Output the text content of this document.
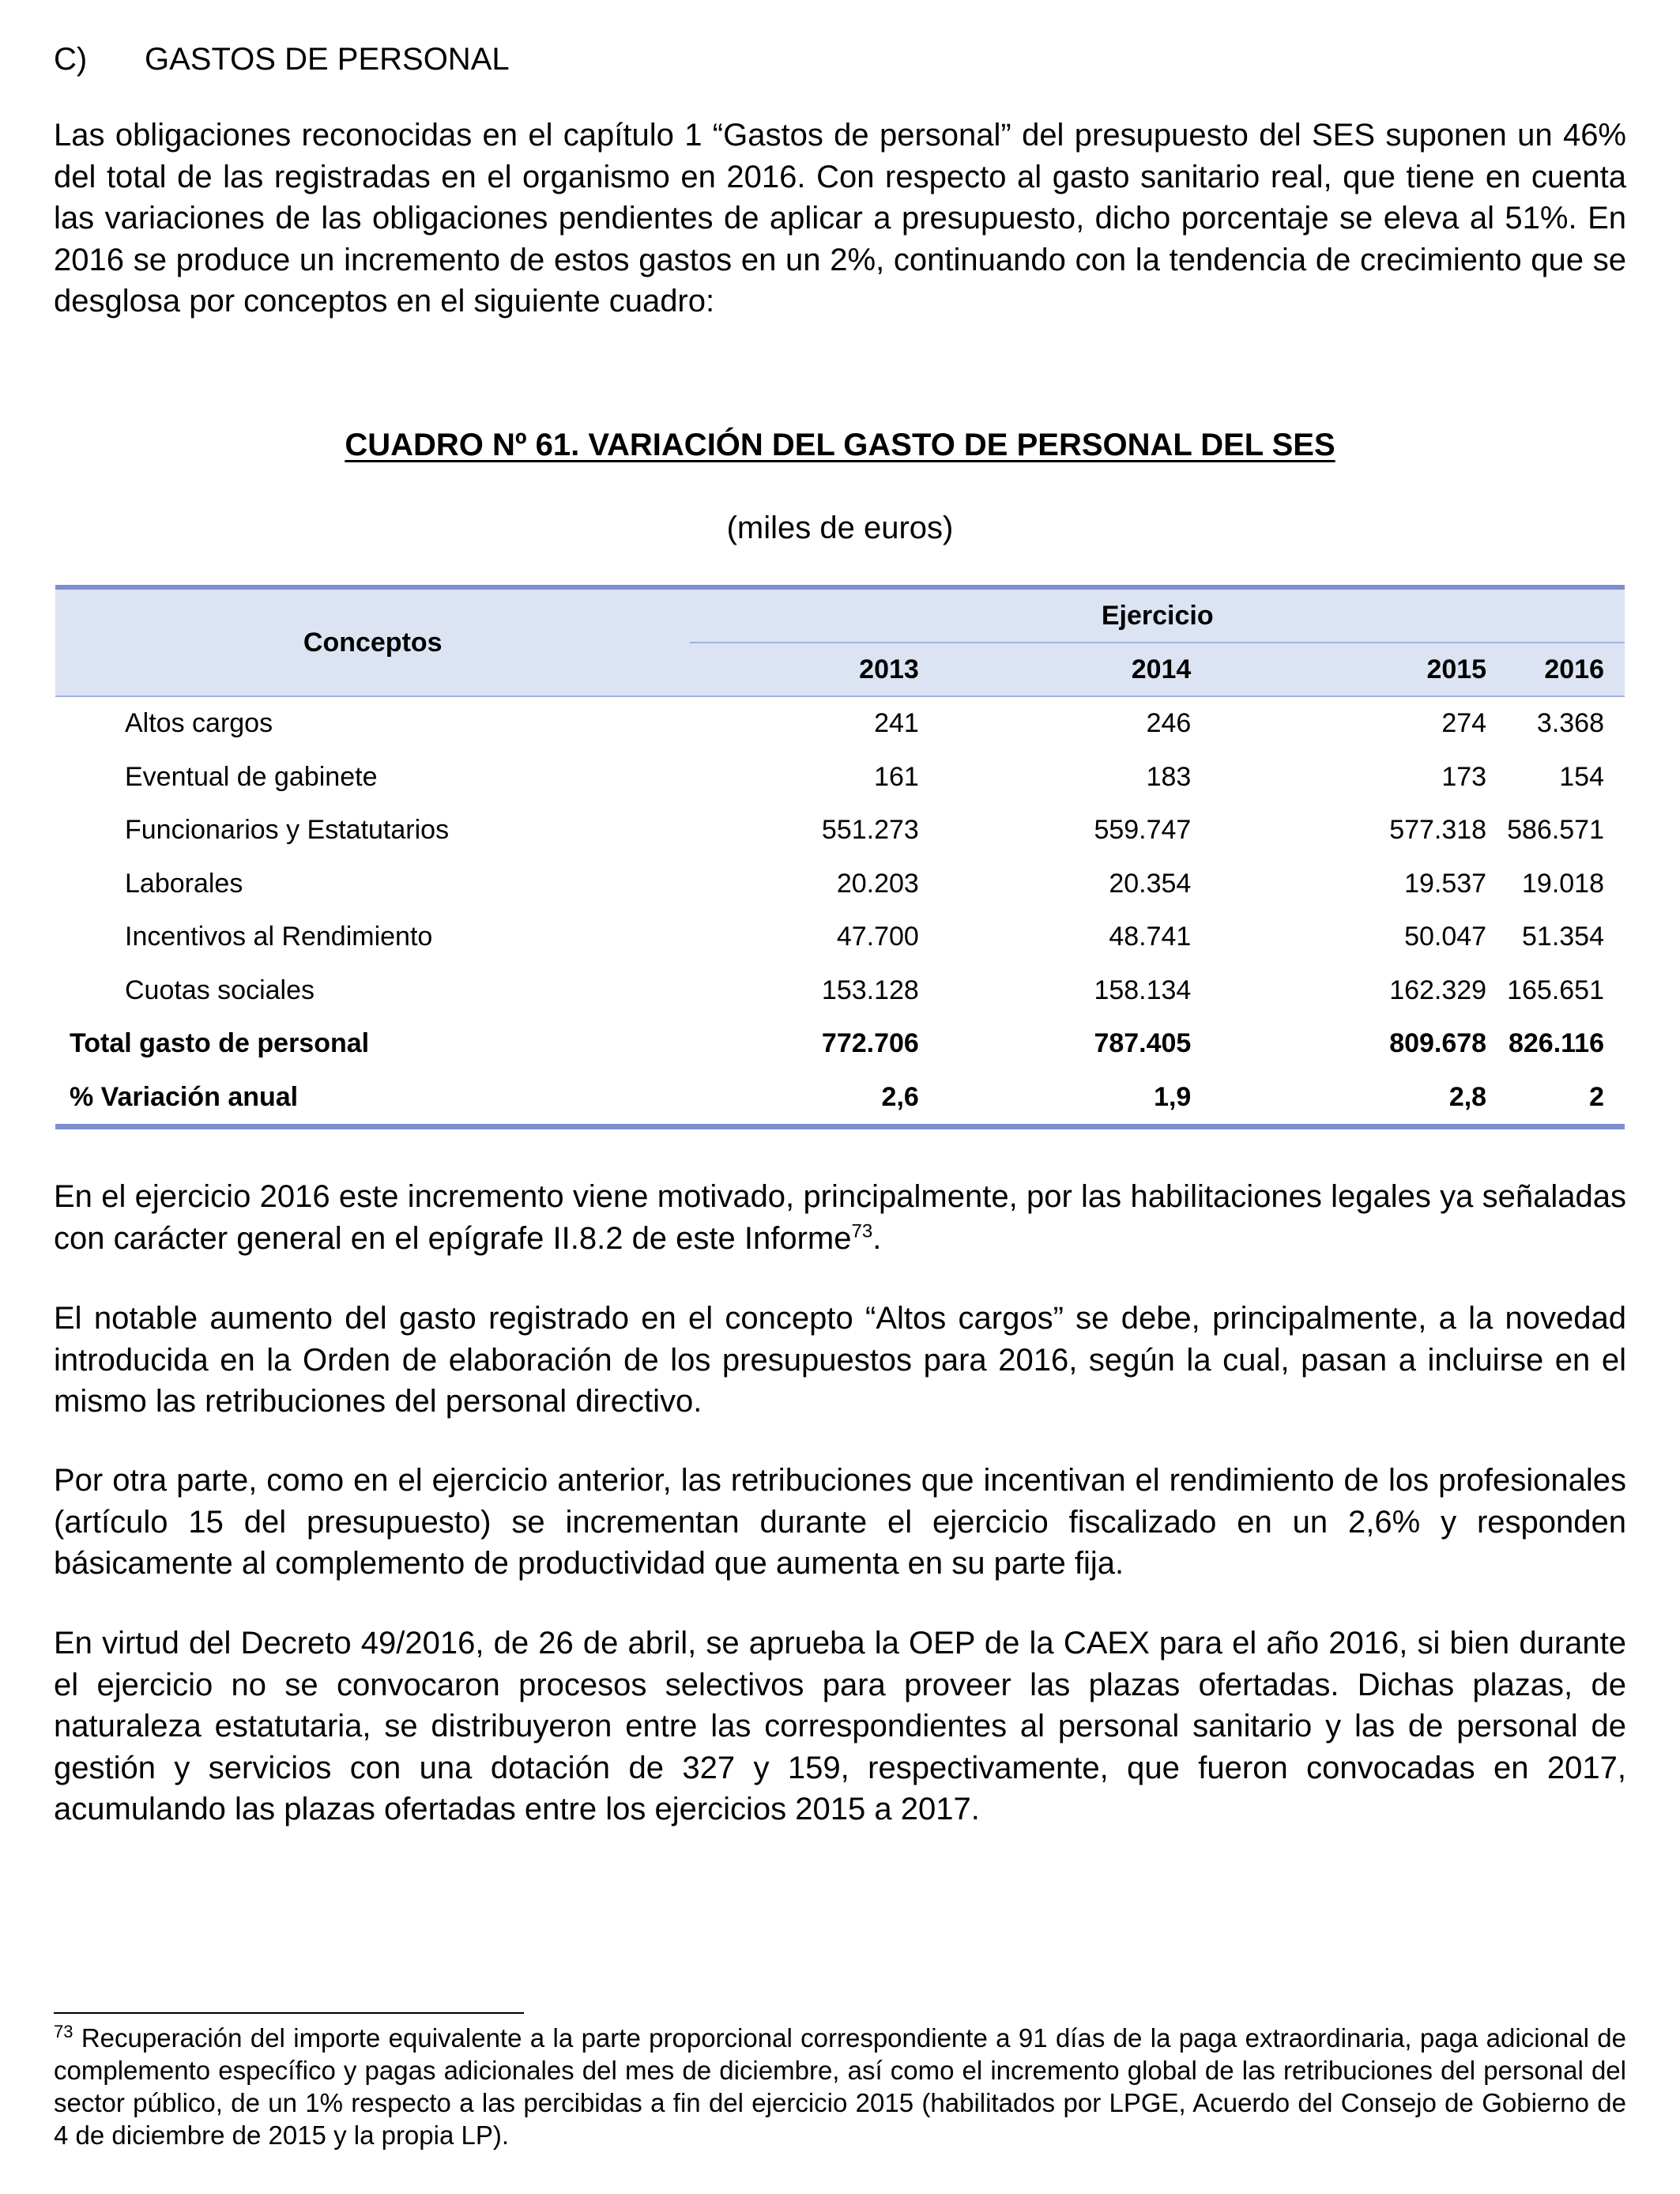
C) GASTOS DE PERSONAL

Las obligaciones reconocidas en el capítulo 1 “Gastos de personal” del presupuesto del SES suponen un 46% del total de las registradas en el organismo en 2016. Con respecto al gasto sanitario real, que tiene en cuenta las variaciones de las obligaciones pendientes de aplicar a presupuesto, dicho porcentaje se eleva al 51%. En 2016 se produce un incremento de estos gastos en un 2%, continuando con la tendencia de crecimiento que se desglosa por conceptos en el siguiente cuadro:

CUADRO Nº 61. VARIACIÓN DEL GASTO DE PERSONAL DEL SES
(miles de euros)
Conceptos	Ejercicio			
	2013	2014	2015	2016
Altos cargos	241	246	274	3.368
Eventual de gabinete	161	183	173	154
Funcionarios y Estatutarios	551.273	559.747	577.318	586.571
Laborales	20.203	20.354	19.537	19.018
Incentivos al Rendimiento	47.700	48.741	50.047	51.354
Cuotas sociales	153.128	158.134	162.329	165.651
Total gasto de personal	772.706	787.405	809.678	826.116
% Variación anual	2,6	1,9	2,8	2

En el ejercicio 2016 este incremento viene motivado, principalmente, por las habilitaciones legales ya señaladas con carácter general en el epígrafe II.8.2 de este Informe$^{73}$.

El notable aumento del gasto registrado en el concepto “Altos cargos” se debe, principalmente, a la novedad introducida en la Orden de elaboración de los presupuestos para 2016, según la cual, pasan a incluirse en el mismo las retribuciones del personal directivo.

Por otra parte, como en el ejercicio anterior, las retribuciones que incentivan el rendimiento de los profesionales (artículo 15 del presupuesto) se incrementan durante el ejercicio fiscalizado en un 2,6% y responden básicamente al complemento de productividad que aumenta en su parte fija.

En virtud del Decreto 49/2016, de 26 de abril, se aprueba la OEP de la CAEX para el año 2016, si bien durante el ejercicio no se convocaron procesos selectivos para proveer las plazas ofertadas. Dichas plazas, de naturaleza estatutaria, se distribuyeron entre las correspondientes al personal sanitario y las de personal de gestión y servicios con una dotación de 327 y 159, respectivamente, que fueron convocadas en 2017, acumulando las plazas ofertadas entre los ejercicios 2015 a 2017.

$^{73}$ Recuperación del importe equivalente a la parte proporcional correspondiente a 91 días de la paga extraordinaria, paga adicional de complemento específico y pagas adicionales del mes de diciembre, así como el incremento global de las retribuciones del personal del sector público, de un 1% respecto a las percibidas a fin del ejercicio 2015 (habilitados por LPGE, Acuerdo del Consejo de Gobierno de 4 de diciembre de 2015 y la propia LP).
